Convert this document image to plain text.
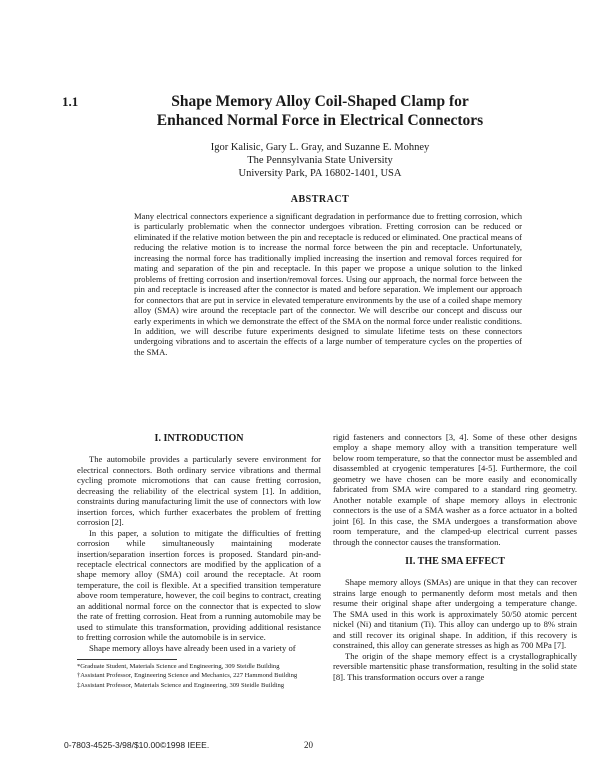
1.1	Shape Memory Alloy Coil-Shaped Clamp for
Enhanced Normal Force in Electrical Connectors
Igor Kalisic, Gary L. Gray, and Suzanne E. Mohney
The Pennsylvania State University
University Park, PA 16802-1401, USA
ABSTRACT
Many electrical connectors experience a significant degradation in performance due to fretting corrosion, which is particularly problematic when the connector undergoes vibration. Fretting corrosion can be reduced or eliminated if the relative motion between the pin and receptacle is reduced or eliminated. One practical means of reducing the relative motion is to increase the normal force between the pin and receptacle. Unfortunately, increasing the normal force has traditionally implied increasing the insertion and removal forces required for mating and separation of the pin and receptacle. In this paper we propose a unique solution to the linked problems of fretting corrosion and insertion/removal forces. Using our approach, the normal force between the pin and receptacle is increased after the connector is mated and before separation. We implement our approach for connectors that are put in service in elevated temperature environments by the use of a coiled shape memory alloy (SMA) wire around the receptacle part of the connector. We will describe our concept and discuss our early experiments in which we demonstrate the effect of the SMA on the normal force under realistic conditions. In addition, we will describe future experiments designed to simulate lifetime tests on these connectors undergoing vibrations and to ascertain the effects of a large number of temperature cycles on the properties of the SMA.
I. INTRODUCTION

The automobile provides a particularly severe environment for electrical connectors. Both ordinary service vibrations and thermal cycling promote micromotions that can cause fretting corrosion, decreasing the reliability of the electrical system [1]. In addition, constraints during manufacturing limit the use of connectors with low insertion forces, which further exacerbates the problem of fretting corrosion [2].

In this paper, a solution to mitigate the difficulties of fretting corrosion while simultaneously maintaining moderate insertion/separation insertion forces is proposed. Standard pin-and-receptacle electrical connectors are modified by the application of a shape memory alloy (SMA) coil around the receptacle. At room temperature, the coil is flexible. At a specified transition temperature above room temperature, however, the coil begins to contract, creating an additional normal force on the connector that is expected to slow the rate of fretting corrosion. Heat from a running automobile may be used to stimulate this transformation, providing additional resistance to fretting corrosion while the automobile is in service.

Shape memory alloys have already been used in a variety of

*Graduate Student, Materials Science and Engineering, 309 Steidle Building

†Assistant Professor, Engineering Science and Mechanics, 227 Hammond Building

‡Assistant Professor, Materials Science and Engineering, 309 Steidle Building

rigid fasteners and connectors [3, 4]. Some of these other designs employ a shape memory alloy with a transition temperature well below room temperature, so that the connector must be assembled and disassembled at cryogenic temperatures [4-5]. Furthermore, the coil geometry we have chosen can be more easily and economically fabricated from SMA wire compared to a standard ring geometry. Another notable example of shape memory alloys in electronic connectors is the use of a SMA washer as a force actuator in a bolted joint [6]. In this case, the SMA undergoes a transformation above room temperature, and the clamped-up electrical current passes through the connector causes the transformation.

II. THE SMA EFFECT

Shape memory alloys (SMAs) are unique in that they can recover strains large enough to permanently deform most metals and then resume their original shape after undergoing a temperature change. The SMA used in this work is approximately 50/50 atomic percent nickel (Ni) and titanium (Ti). This alloy can undergo up to 8% strain and still recover its original shape. In addition, if this recovery is constrained, this alloy can generate stresses as high as 700 MPa [7].

The origin of the shape memory effect is a crystallographically reversible martensitic phase transformation, resulting in the solid state [8]. This transformation occurs over a range

0-7803-4525-3/98/$10.00©1998 IEEE.	20
